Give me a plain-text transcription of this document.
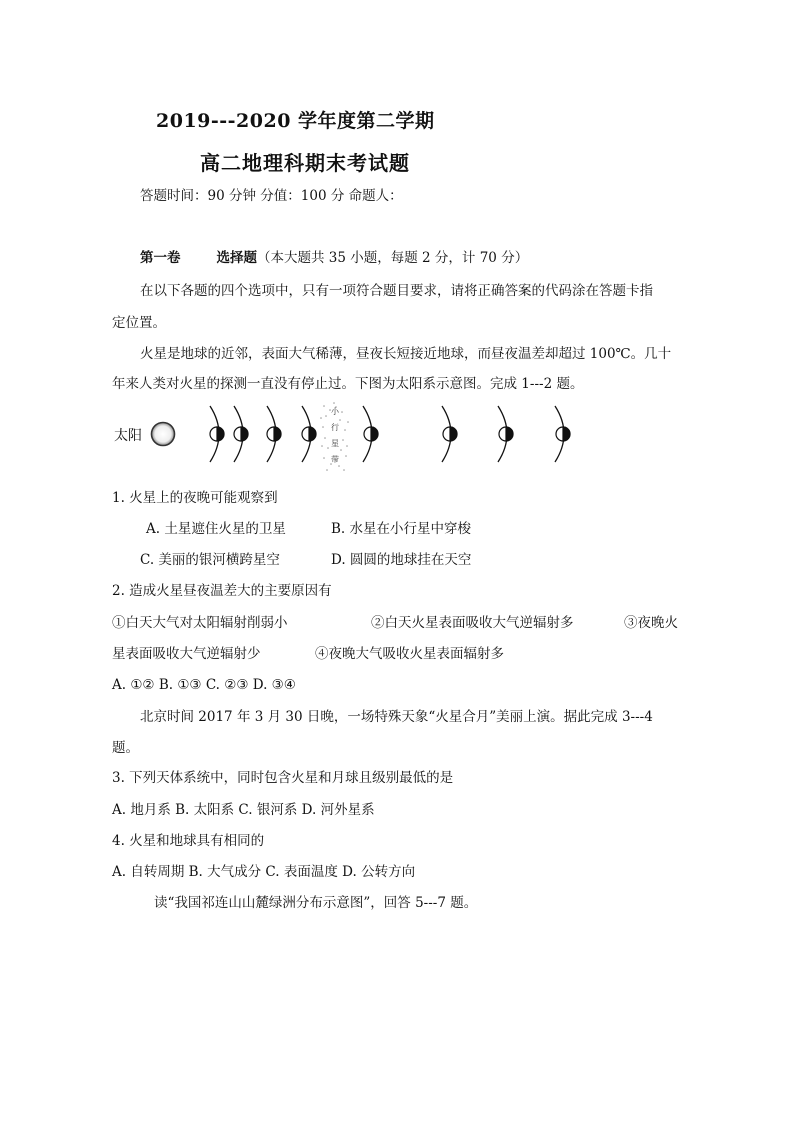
2019---2020 学年度第二学期
高二地理科期末考试题
答题时间：90 分钟 分值：100 分 命题人：
第一卷	选择题（本大题共 35 小题，每题 2 分，计 70 分）
在以下各题的四个选项中，只有一项符合题目要求，请将正确答案的代码涂在答题卡指
定位置。
火星是地球的近邻，表面大气稀薄，昼夜长短接近地球，而昼夜温差却超过 100℃。几十
年来人类对火星的探测一直没有停止过。下图为太阳系示意图。完成 1---2 题。
太阳
小
行
星
带
1. 火星上的夜晚可能观察到
A. 土星遮住火星的卫星	B. 水星在小行星中穿梭
C. 美丽的银河横跨星空	D. 圆圆的地球挂在天空
2. 造成火星昼夜温差大的主要原因有
①白天大气对太阳辐射削弱小	②白天火星表面吸收大气逆辐射多	③夜晚火
星表面吸收大气逆辐射少	④夜晚大气吸收火星表面辐射多
A. ①② B. ①③ C. ②③ D. ③④
北京时间 2017 年 3 月 30 日晚，一场特殊天象“火星合月”美丽上演。据此完成 3---4
题。
3. 下列天体系统中，同时包含火星和月球且级别最低的是
A. 地月系 B. 太阳系 C. 银河系 D. 河外星系
4. 火星和地球具有相同的
A. 自转周期 B. 大气成分 C. 表面温度 D. 公转方向
读“我国祁连山山麓绿洲分布示意图”，回答 5---7 题。
